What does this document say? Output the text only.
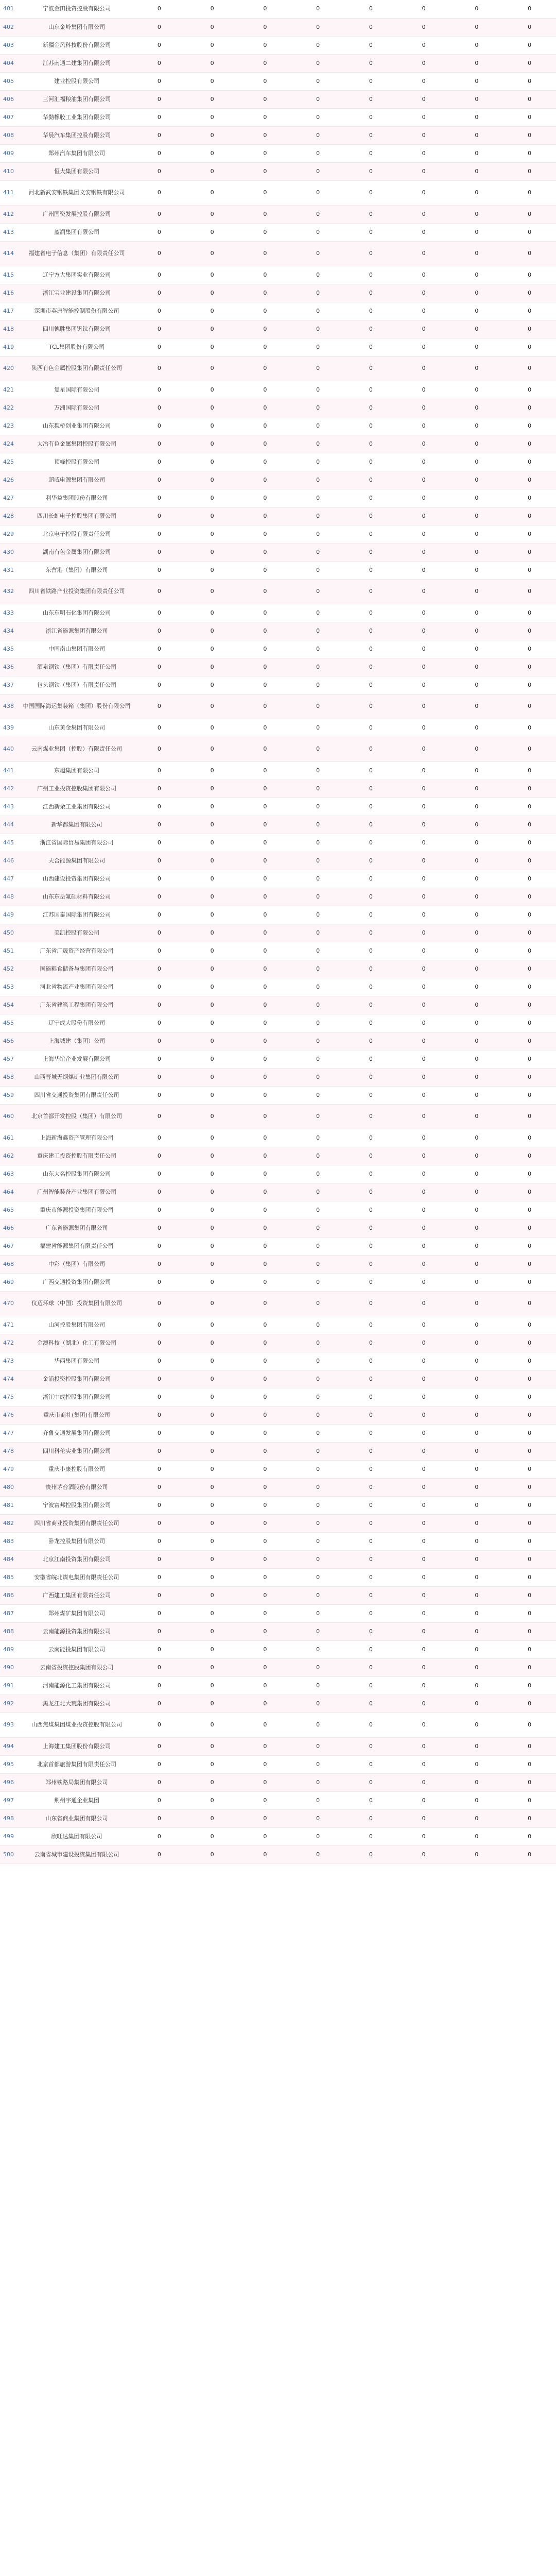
401	宁波金田投资控股有限公司	0	0	0	0	0	0	0	0
402	山东金岭集团有限公司	0	0	0	0	0	0	0	0
403	新疆金风科技股份有限公司	0	0	0	0	0	0	0	0
404	江苏南通二建集团有限公司	0	0	0	0	0	0	0	0
405	建业控股有限公司	0	0	0	0	0	0	0	0
406	三河汇福粮油集团有限公司	0	0	0	0	0	0	0	0
407	华勤橡胶工业集团有限公司	0	0	0	0	0	0	0	0
408	华晨汽车集团控股有限公司	0	0	0	0	0	0	0	0
409	郑州汽车集团有限公司	0	0	0	0	0	0	0	0
410	恒大集团有限公司	0	0	0	0	0	0	0	0
411	河北新武安钢铁集团文安钢铁有限公司	0	0	0	0	0	0	0	0
412	广州国资发展控股有限公司	0	0	0	0	0	0	0	0
413	蓝润集团有限公司	0	0	0	0	0	0	0	0
414	福建省电子信息（集团）有限责任公司	0	0	0	0	0	0	0	0
415	辽宁方大集团实业有限公司	0	0	0	0	0	0	0	0
416	浙江宝业建设集团有限公司	0	0	0	0	0	0	0	0
417	深圳市英唐智能控制股份有限公司	0	0	0	0	0	0	0	0
418	四川德胜集团钒钛有限公司	0	0	0	0	0	0	0	0
419	TCL集团股份有限公司	0	0	0	0	0	0	0	0
420	陕西有色金属控股集团有限责任公司	0	0	0	0	0	0	0	0
421	复星国际有限公司	0	0	0	0	0	0	0	0
422	万洲国际有限公司	0	0	0	0	0	0	0	0
423	山东魏桥创业集团有限公司	0	0	0	0	0	0	0	0
424	大冶有色金属集团控股有限公司	0	0	0	0	0	0	0	0
425	顶峰控股有限公司	0	0	0	0	0	0	0	0
426	超威电源集团有限公司	0	0	0	0	0	0	0	0
427	利华益集团股份有限公司	0	0	0	0	0	0	0	0
428	四川长虹电子控股集团有限公司	0	0	0	0	0	0	0	0
429	北京电子控股有限责任公司	0	0	0	0	0	0	0	0
430	湖南有色金属集团有限公司	0	0	0	0	0	0	0	0
431	东营港（集团）有限公司	0	0	0	0	0	0	0	0
432	四川省铁路产业投资集团有限责任公司	0	0	0	0	0	0	0	0
433	山东东明石化集团有限公司	0	0	0	0	0	0	0	0
434	浙江省能源集团有限公司	0	0	0	0	0	0	0	0
435	中国南山集团有限公司	0	0	0	0	0	0	0	0
436	酒泉钢铁（集团）有限责任公司	0	0	0	0	0	0	0	0
437	包头钢铁（集团）有限责任公司	0	0	0	0	0	0	0	0
438	中国国际海运集装箱（集团）股份有限公司	0	0	0	0	0	0	0	0
439	山东黄金集团有限公司	0	0	0	0	0	0	0	0
440	云南煤业集团（控股）有限责任公司	0	0	0	0	0	0	0	0
441	东旭集团有限公司	0	0	0	0	0	0	0	0
442	广州工业投资控股集团有限公司	0	0	0	0	0	0	0	0
443	江西新余工业集团有限公司	0	0	0	0	0	0	0	0
444	新华都集团有限公司	0	0	0	0	0	0	0	0
445	浙江省国际贸易集团有限公司	0	0	0	0	0	0	0	0
446	天合能源集团有限公司	0	0	0	0	0	0	0	0
447	山西建设投资集团有限公司	0	0	0	0	0	0	0	0
448	山东东岳氟硅材料有限公司	0	0	0	0	0	0	0	0
449	江苏国泰国际集团有限公司	0	0	0	0	0	0	0	0
450	美凯控股有限公司	0	0	0	0	0	0	0	0
451	广东省广晟资产经营有限公司	0	0	0	0	0	0	0	0
452	国能粮食储备与集团有限公司	0	0	0	0	0	0	0	0
453	河北省物流产业集团有限公司	0	0	0	0	0	0	0	0
454	广东省建筑工程集团有限公司	0	0	0	0	0	0	0	0
455	辽宁成大股份有限公司	0	0	0	0	0	0	0	0
456	上海城建（集团）公司	0	0	0	0	0	0	0	0
457	上海华谊企业发展有限公司	0	0	0	0	0	0	0	0
458	山西晋城无烟煤矿业集团有限公司	0	0	0	0	0	0	0	0
459	四川省交通投资集团有限责任公司	0	0	0	0	0	0	0	0
460	北京首都开发控股（集团）有限公司	0	0	0	0	0	0	0	0
461	上海新海鑫资产管理有限公司	0	0	0	0	0	0	0	0
462	重庆建工投资控股有限责任公司	0	0	0	0	0	0	0	0
463	山东大名控股集团有限公司	0	0	0	0	0	0	0	0
464	广州智能装备产业集团有限公司	0	0	0	0	0	0	0	0
465	重庆市能源投资集团有限公司	0	0	0	0	0	0	0	0
466	广东省能源集团有限公司	0	0	0	0	0	0	0	0
467	福建省能源集团有限责任公司	0	0	0	0	0	0	0	0
468	中彩（集团）有限公司	0	0	0	0	0	0	0	0
469	广西交通投资集团有限公司	0	0	0	0	0	0	0	0
470	仪迈环球（中国）投资集团有限公司	0	0	0	0	0	0	0	0
471	山河控股集团有限公司	0	0	0	0	0	0	0	0
472	金澳科技（湖北）化工有限公司	0	0	0	0	0	0	0	0
473	华西集团有限公司	0	0	0	0	0	0	0	0
474	金浦投资控股集团有限公司	0	0	0	0	0	0	0	0
475	浙江中成控股集团有限公司	0	0	0	0	0	0	0	0
476	重庆市商社(集团)有限公司	0	0	0	0	0	0	0	0
477	齐鲁交通发展集团有限公司	0	0	0	0	0	0	0	0
478	四川科伦实业集团有限公司	0	0	0	0	0	0	0	0
479	重庆小康控股有限公司	0	0	0	0	0	0	0	0
480	贵州茅台酒股份有限公司	0	0	0	0	0	0	0	0
481	宁波富邦控股集团有限公司	0	0	0	0	0	0	0	0
482	四川省商业投资集团有限责任公司	0	0	0	0	0	0	0	0
483	卧龙控股集团有限公司	0	0	0	0	0	0	0	0
484	北京江南投资集团有限公司	0	0	0	0	0	0	0	0
485	安徽省皖北煤电集团有限责任公司	0	0	0	0	0	0	0	0
486	广西建工集团有限责任公司	0	0	0	0	0	0	0	0
487	郑州煤矿集团有限公司	0	0	0	0	0	0	0	0
488	云南能源投资集团有限公司	0	0	0	0	0	0	0	0
489	云南能投集团有限公司	0	0	0	0	0	0	0	0
490	云南省投资控股集团有限公司	0	0	0	0	0	0	0	0
491	河南能源化工集团有限公司	0	0	0	0	0	0	0	0
492	黑龙江北大荒集团有限公司	0	0	0	0	0	0	0	0
493	山西焦煤集团煤业投资控股有限公司	0	0	0	0	0	0	0	0
494	上海建工集团股份有限公司	0	0	0	0	0	0	0	0
495	北京首都旅游集团有限责任公司	0	0	0	0	0	0	0	0
496	郑州铁路局集团有限公司	0	0	0	0	0	0	0	0
497	荆州宇通企业集团	0	0	0	0	0	0	0	0
498	山东省商业集团有限公司	0	0	0	0	0	0	0	0
499	欣旺达集团有限公司	0	0	0	0	0	0	0	0
500	云南省城市建设投资集团有限公司	0	0	0	0	0	0	0	0
